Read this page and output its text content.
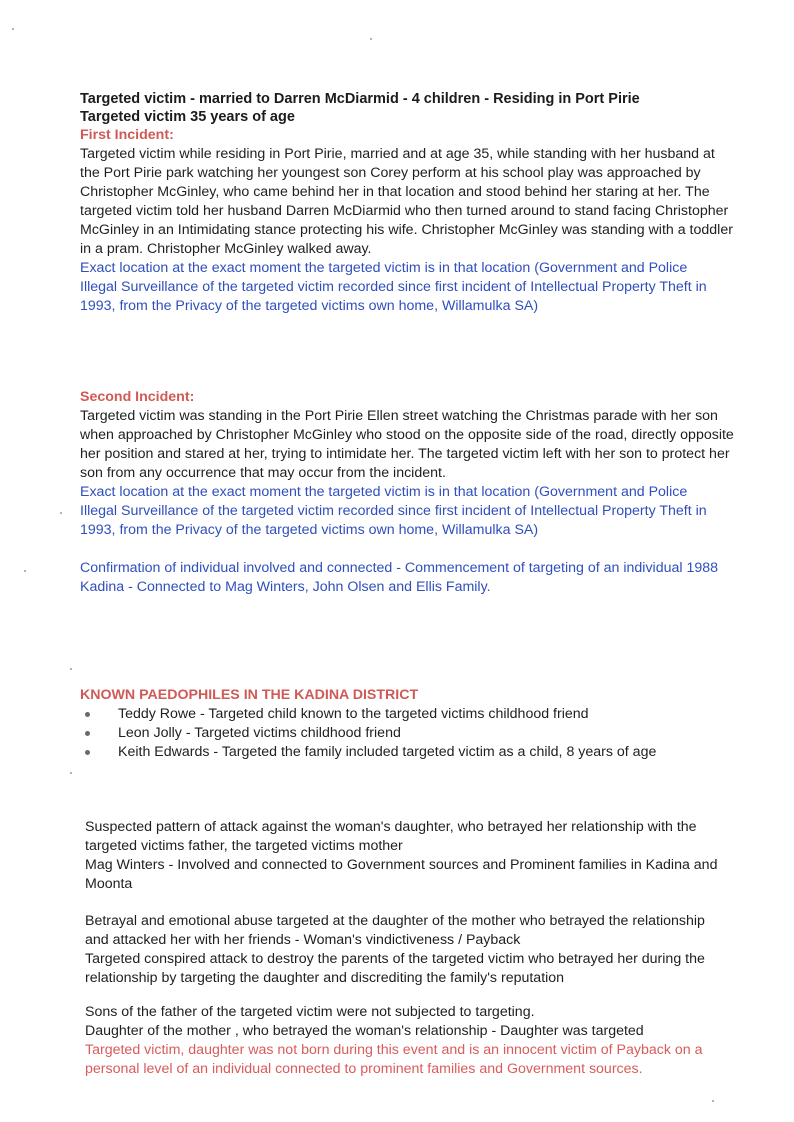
Targeted victim - married to Darren McDiarmid - 4 children - Residing in Port Pirie

Targeted victim 35 years of age

First Incident:

Targeted victim while residing in Port Pirie, married and at age 35, while standing with her husband at the Port Pirie park watching her youngest son Corey perform at his school play was approached by Christopher McGinley, who came behind her in that location and stood behind her staring at her. The targeted victim told her husband Darren McDiarmid who then turned around to stand facing Christopher McGinley in an Intimidating stance protecting his wife. Christopher McGinley was standing with a toddler in a pram. Christopher McGinley walked away.

Exact location at the exact moment the targeted victim is in that location (Government and Police Illegal Surveillance of the targeted victim recorded since first incident of Intellectual Property Theft in 1993, from the Privacy of the targeted victims own home, Willamulka SA)

Second Incident:

Targeted victim was standing in the Port Pirie Ellen street watching the Christmas parade with her son when approached by Christopher McGinley who stood on the opposite side of the road, directly opposite her position and stared at her, trying to intimidate her. The targeted victim left with her son to protect her son from any occurrence that may occur from the incident.

Exact location at the exact moment the targeted victim is in that location (Government and Police Illegal Surveillance of the targeted victim recorded since first incident of Intellectual Property Theft in 1993, from the Privacy of the targeted victims own home, Willamulka SA)

Confirmation of individual involved and connected - Commencement of targeting of an individual 1988 Kadina - Connected to Mag Winters, John Olsen and Ellis Family.

KNOWN PAEDOPHILES IN THE KADINA DISTRICT

Teddy Rowe - Targeted child known to the targeted victims childhood friend
Leon Jolly - Targeted victims childhood friend
Keith Edwards - Targeted the family included targeted victim as a child, 8 years of age

Suspected pattern of attack against the woman's daughter, who betrayed her relationship with the targeted victims father, the targeted victims mother

Mag Winters - Involved and connected to Government sources and Prominent families in Kadina and Moonta

Betrayal and emotional abuse targeted at the daughter of the mother who betrayed the relationship and attacked her with her friends - Woman's vindictiveness / Payback

Targeted conspired attack to destroy the parents of the targeted victim who betrayed her during the relationship by targeting the daughter and discrediting the family's reputation

Sons of the father of the targeted victim were not subjected to targeting.

Daughter of the mother , who betrayed the woman's relationship - Daughter was targeted

Targeted victim, daughter was not born during this event and is an innocent victim of Payback on a personal level of an individual connected to prominent families and Government sources.
